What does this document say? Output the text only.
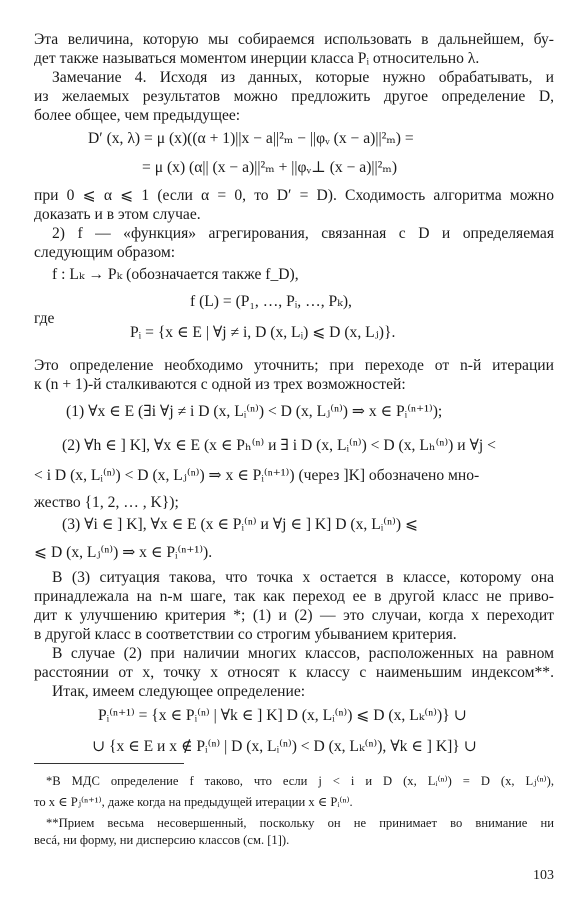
Эта величина, которую мы собираемся использовать в дальнейшем, бу-
дет также называться моментом инерции класса Pᵢ относительно λ.
Замечание 4. Исходя из данных, которые нужно обрабатывать, и
из желаемых результатов можно предложить другое определение D,
более общее, чем предыдущее:
D′ (x, λ) = μ (x)((α + 1)||x − a||²ₘ − ||φᵥ (x − a)||²ₘ) =
= μ (x) (α|| (x − a)||²ₘ + ||φᵥ⊥ (x − a)||²ₘ)
при 0 ⩽ α ⩽ 1 (если α = 0, то D′ = D). Сходимость алгоритма можно
доказать и в этом случае.
2) f — «функция» агрегирования, связанная с D и определяемая
следующим образом:
f : Lₖ → Pₖ (обозначается также f_D),
f (L) = (P₁, …, Pᵢ, …, Pₖ),
где
Pᵢ = {x ∈ E | ∀j ≠ i, D (x, Lᵢ) ⩽ D (x, Lⱼ)}.
Это определение необходимо уточнить; при переходе от n-й итерации
к (n + 1)-й сталкиваются с одной из трех возможностей:
(1) ∀x ∈ E (∃i ∀j ≠ i D (x, Lᵢ⁽ⁿ⁾) < D (x, Lⱼ⁽ⁿ⁾) ⇒ x ∈ Pᵢ⁽ⁿ⁺¹⁾);
(2) ∀h ∈ ] K], ∀x ∈ E (x ∈ Pₕ⁽ⁿ⁾ и ∃ i D (x, Lᵢ⁽ⁿ⁾) < D (x, Lₕ⁽ⁿ⁾) и ∀j <
< i D (x, Lᵢ⁽ⁿ⁾) < D (x, Lⱼ⁽ⁿ⁾) ⇒ x ∈ Pᵢ⁽ⁿ⁺¹⁾) (через ]K] обозначено мно-
жество {1, 2, … , K});
(3) ∀i ∈ ] K], ∀x ∈ E (x ∈ Pᵢ⁽ⁿ⁾ и ∀j ∈ ] K] D (x, Lᵢ⁽ⁿ⁾) ⩽
⩽ D (x, Lⱼ⁽ⁿ⁾) ⇒ x ∈ Pᵢ⁽ⁿ⁺¹⁾).
В (3) ситуация такова, что точка x остается в классе, которому она
принадлежала на n-м шаге, так как переход ее в другой класс не приво-
дит к улучшению критерия *; (1) и (2) — это случаи, когда x переходит
в другой класс в соответствии со строгим убыванием критерия.
В случае (2) при наличии многих классов, расположенных на равном
расстоянии от x, точку x относят к классу с наименьшим индексом**.
Итак, имеем следующее определение:
Pᵢ⁽ⁿ⁺¹⁾ = {x ∈ Pᵢ⁽ⁿ⁾ | ∀k ∈ ] K] D (x, Lᵢ⁽ⁿ⁾) ⩽ D (x, Lₖ⁽ⁿ⁾)} ∪
∪ {x ∈ E и x ∉ Pᵢ⁽ⁿ⁾ | D (x, Lᵢ⁽ⁿ⁾) < D (x, Lₖ⁽ⁿ⁾), ∀k ∈ ] K]} ∪
*В МДС определение f таково, что если j < i и D (x, Lᵢ⁽ⁿ⁾) = D (x, Lⱼ⁽ⁿ⁾),
то x ∈ Pⱼ⁽ⁿ⁺¹⁾, даже когда на предыдущей итерации x ∈ Pᵢ⁽ⁿ⁾.
**Прием весьма несовершенный, поскольку он не принимает во внимание ни
весá, ни форму, ни дисперсию классов (см. [1]).
103
